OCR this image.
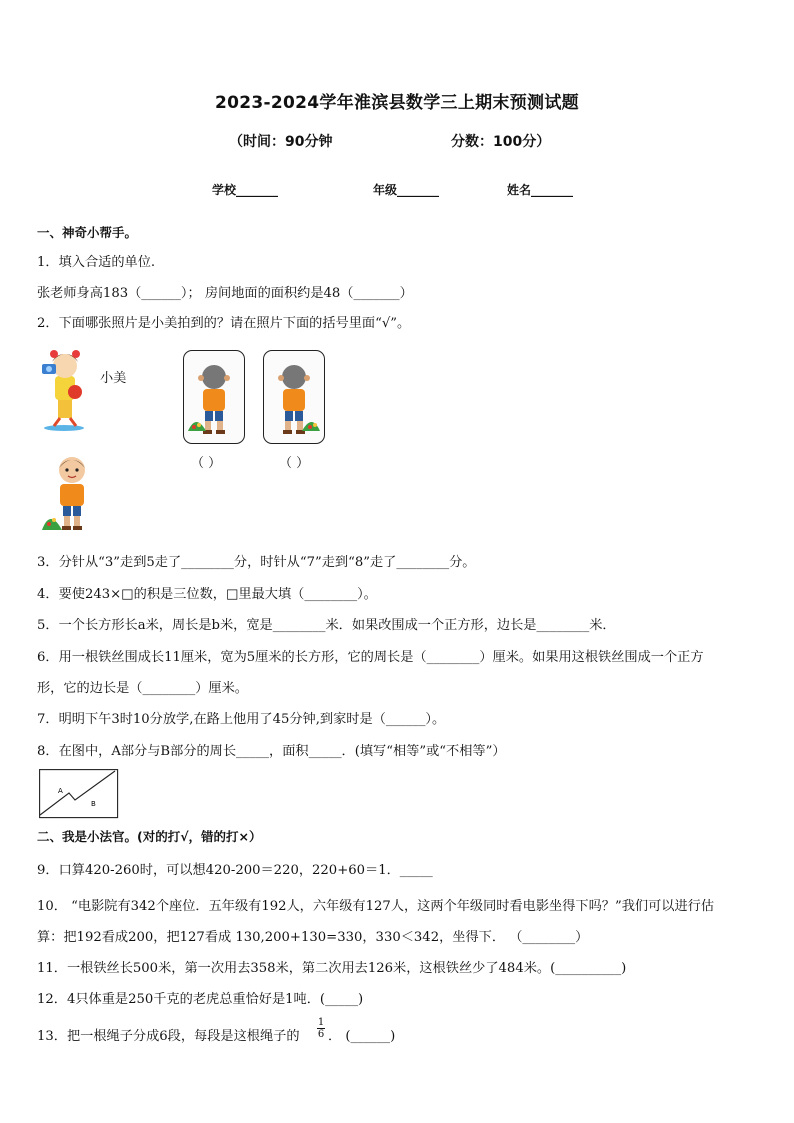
2023-2024学年淮滨县数学三上期末预测试题
（时间：90分钟	分数：100分）
学校_______	年级_______	姓名_______
一、神奇小帮手。
1．填入合适的单位.
张老师身高183（______）； 房间地面的面积约是48（_______）
2．下面哪张照片是小美拍到的？请在照片下面的括号里面“√”。
小美
（ ）	（ ）
3．分针从“3”走到5走了________分，时针从“7”走到“8”走了________分。
4．要使243×□的积是三位数，□里最大填（________）。
5．一个长方形长a米，周长是b米，宽是________米．如果改围成一个正方形，边长是________米．
6．用一根铁丝围成长11厘米，宽为5厘米的长方形，它的周长是（________）厘米。如果用这根铁丝围成一个正方
形，它的边长是（________）厘米。
7．明明下午3时10分放学,在路上他用了45分钟,到家时是（______）。
8．在图中，A部分与B部分的周长_____，面积_____．(填写“相等”或“不相等”）
A
B
二、我是小法官。(对的打√，错的打×）
9．口算420-260时，可以想420-200＝220，220+60＝1．_____
10． “电影院有342个座位．五年级有192人，六年级有127人，这两个年级同时看电影坐得下吗？”我们可以进行估
算：把192看成200，把127看成 130,200+130=330，330＜342，坐得下． （________）
11．一根铁丝长500米，第一次用去358米，第二次用去126米，这根铁丝少了484米。(__________)
12．4只体重是250千克的老虎总重恰好是1吨．(_____)
13．把一根绳子分成6段，每段是这根绳子的
1
6 ． (______)
